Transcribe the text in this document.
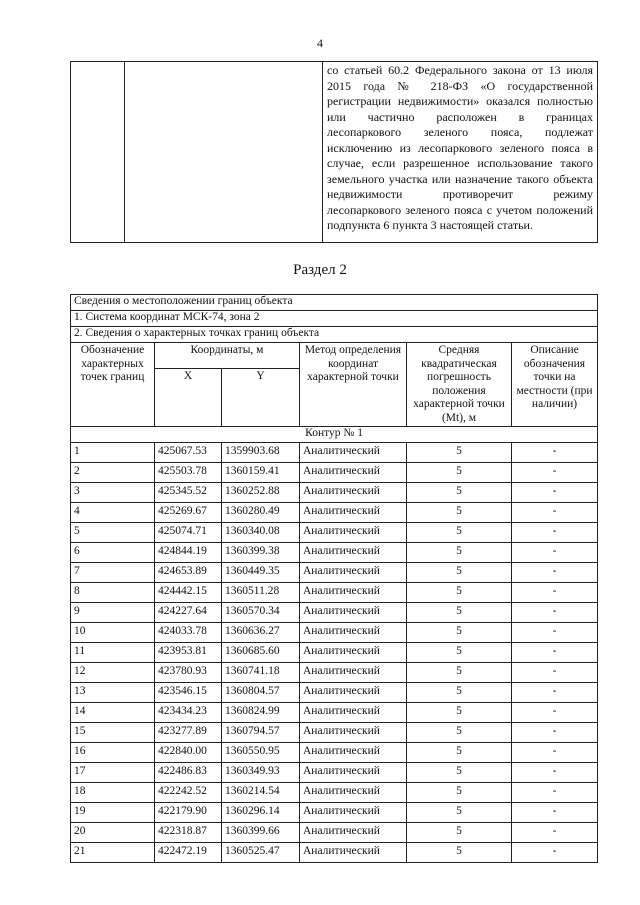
4

со статьей 60.2 Федерального закона от 13 июля 2015 года № 218-ФЗ «О государственной регистрации недвижимости» оказался полностью или частично расположен в границах лесопаркового зеленого пояса, подлежат исключению из лесопаркового зеленого пояса в случае, если разрешенное использование такого земельного участка или назначение такого объекта недвижимости противоречит режиму лесопаркового зеленого пояса с учетом положений подпункта 6 пункта 3 настоящей статьи.
Раздел 2
Сведения о местоположении границ объекта					
1. Система координат МСК-74, зона 2					
2. Сведения о характерных точках границ объекта					
Обозначение характерных точек границ	Координаты, м		Метод определения координат характерной точки	Средняя квадратическая погрешность положения характерной точки (Mt), м	Описание обозначения точки на местности (при наличии)
	X	Y			
Контур № 1					
1	425067.53	1359903.68	Аналитический	5	-
2	425503.78	1360159.41	Аналитический	5	-
3	425345.52	1360252.88	Аналитический	5	-
4	425269.67	1360280.49	Аналитический	5	-
5	425074.71	1360340.08	Аналитический	5	-
6	424844.19	1360399.38	Аналитический	5	-
7	424653.89	1360449.35	Аналитический	5	-
8	424442.15	1360511.28	Аналитический	5	-
9	424227.64	1360570.34	Аналитический	5	-
10	424033.78	1360636.27	Аналитический	5	-
11	423953.81	1360685.60	Аналитический	5	-
12	423780.93	1360741.18	Аналитический	5	-
13	423546.15	1360804.57	Аналитический	5	-
14	423434.23	1360824.99	Аналитический	5	-
15	423277.89	1360794.57	Аналитический	5	-
16	422840.00	1360550.95	Аналитический	5	-
17	422486.83	1360349.93	Аналитический	5	-
18	422242.52	1360214.54	Аналитический	5	-
19	422179.90	1360296.14	Аналитический	5	-
20	422318.87	1360399.66	Аналитический	5	-
21	422472.19	1360525.47	Аналитический	5	-
